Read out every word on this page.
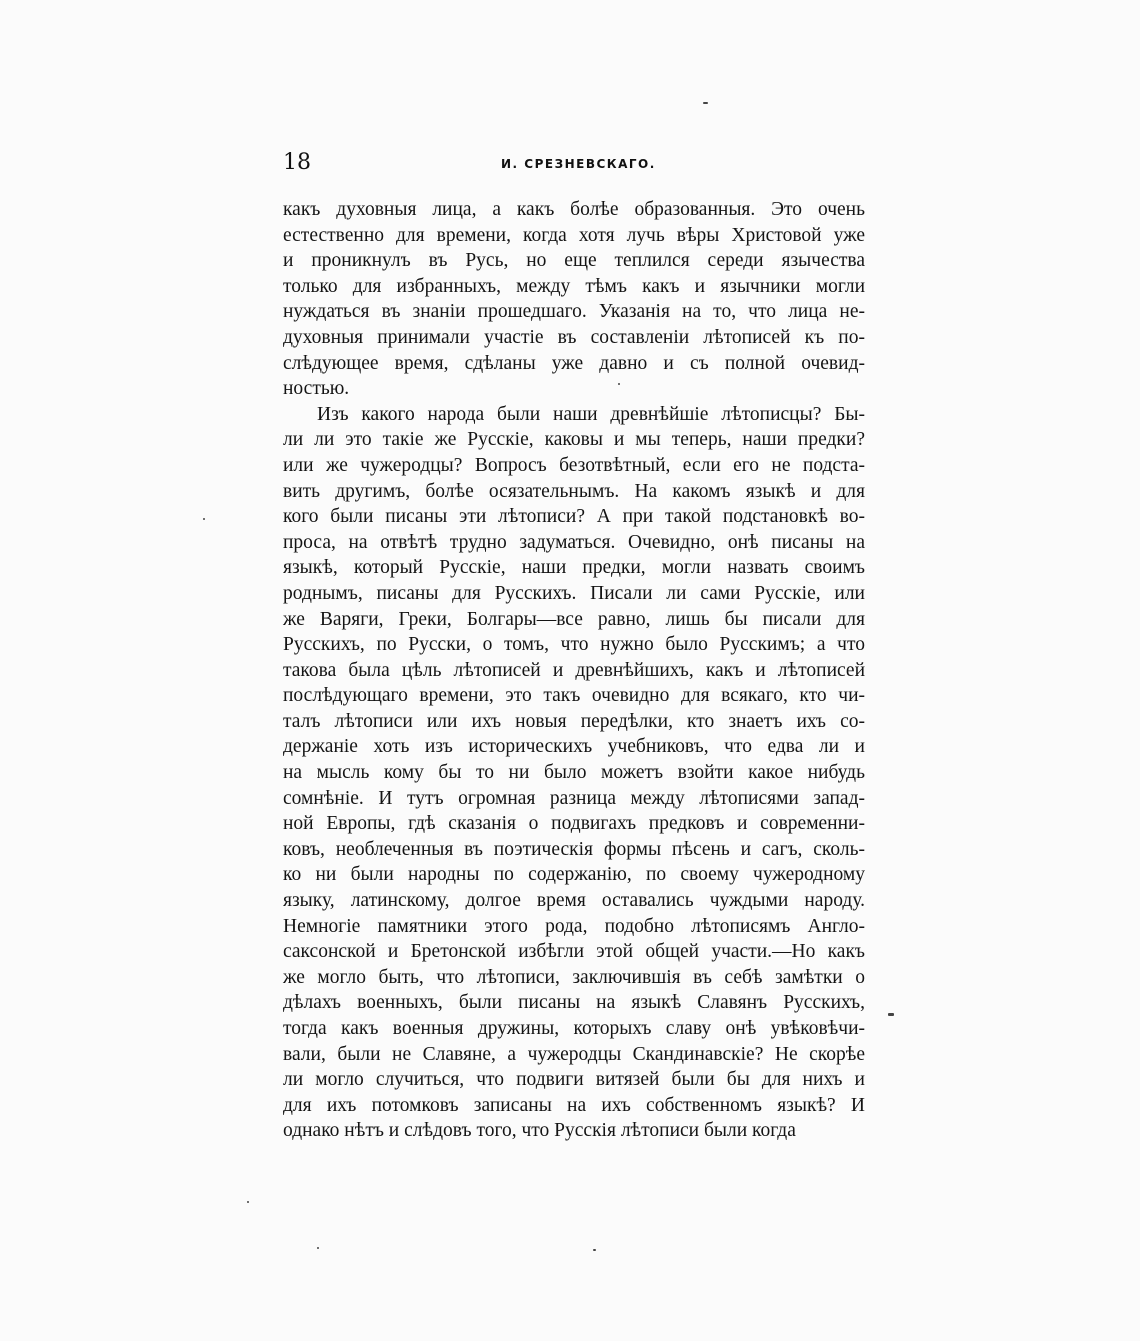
18	И. СРЕЗНЕВСКАГО.
какъ духовныя лица, а какъ болѣе образованныя. Это очень
естественно для времени, когда хотя лучь вѣры Христовой уже
и проникнулъ въ Русь, но еще теплился середи язычества
только для избранныхъ, между тѣмъ какъ и язычники могли
нуждаться въ знаніи прошедшаго. Указанія на то, что лица не-
духовныя принимали участіе въ составленіи лѣтописей къ по-
слѣдующее время, сдѣланы уже давно и съ полной очевид-
ностью.
Изъ какого народа были наши древнѣйшіе лѣтописцы? Бы-
ли ли это такіе же Русскіе, каковы и мы теперь, наши предки?
или же чужеродцы? Вопросъ безотвѣтный, если его не подста-
вить другимъ, болѣе осязательнымъ. На какомъ языкѣ и для
кого были писаны эти лѣтописи? А при такой подстановкѣ во-
проса, на отвѣтѣ трудно задуматься. Очевидно, онѣ писаны на
языкѣ, который Русскіе, наши предки, могли назвать своимъ
роднымъ, писаны для Русскихъ. Писали ли сами Русскіе, или
же Варяги, Греки, Болгары—все равно, лишь бы писали для
Русскихъ, по Русски, о томъ, что нужно было Русскимъ; а что
такова была цѣль лѣтописей и древнѣйшихъ, какъ и лѣтописей
послѣдующаго времени, это такъ очевидно для всякаго, кто чи-
талъ лѣтописи или ихъ новыя передѣлки, кто знаетъ ихъ со-
держаніе хоть изъ историческихъ учебниковъ, что едва ли и
на мысль кому бы то ни было можетъ взойти какое нибудь
сомнѣніе. И тутъ огромная разница между лѣтописями запад-
ной Европы, гдѣ сказанія о подвигахъ предковъ и современни-
ковъ, необлеченныя въ поэтическія формы пѣсень и сагъ, сколь-
ко ни были народны по содержанію, по своему чужеродному
языку, латинскому, долгое время оставались чуждыми народу.
Немногіе памятники этого рода, подобно лѣтописямъ Англо-
саксонской и Бретонской избѣгли этой общей участи.—Но какъ
же могло быть, что лѣтописи, заключившія въ себѣ замѣтки о
дѣлахъ военныхъ, были писаны на языкѣ Славянъ Русскихъ,
тогда какъ военныя дружины, которыхъ славу онѣ увѣковѣчи-
вали, были не Славяне, а чужеродцы Скандинавскіе? Не скорѣе
ли могло случиться, что подвиги витязей были бы для нихъ и
для ихъ потомковъ записаны на ихъ собственномъ языкѣ? И
однако нѣтъ и слѣдовъ того, что Русскія лѣтописи были когда
